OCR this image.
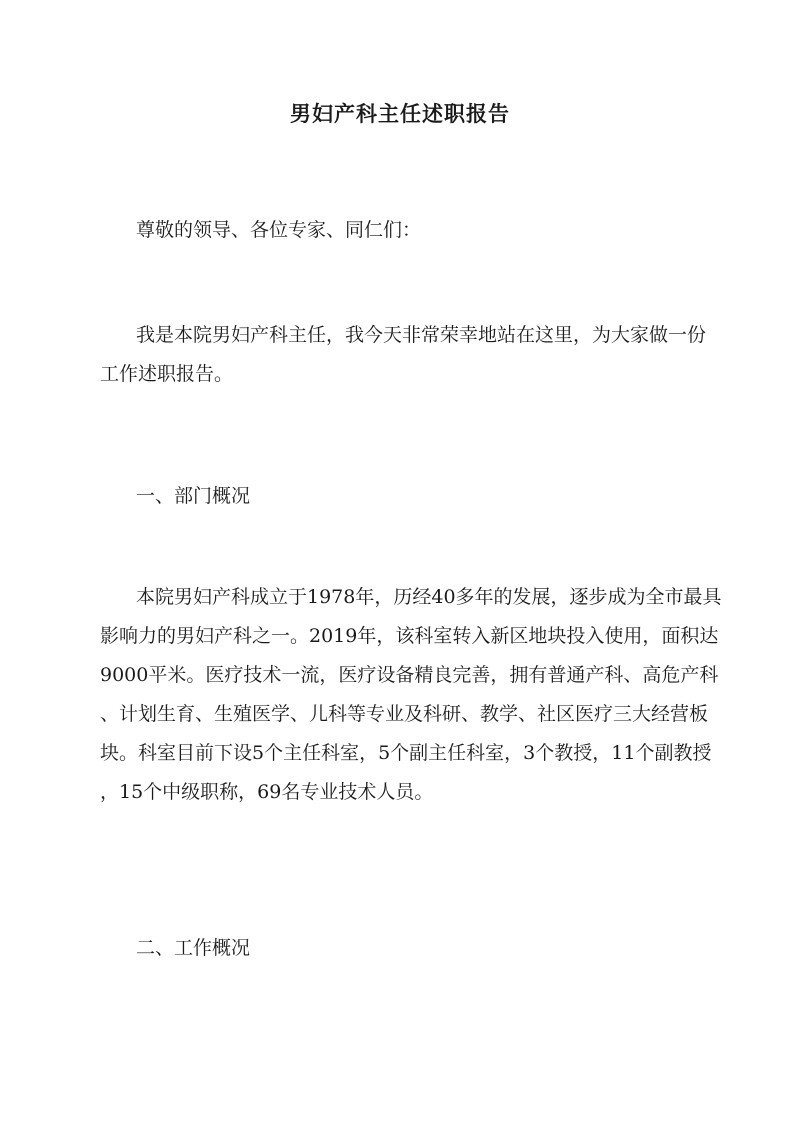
男妇产科主任述职报告
尊敬的领导、各位专家、同仁们：
我是本院男妇产科主任，我今天非常荣幸地站在这里，为大家做一份
工作述职报告。
一、部门概况
本院男妇产科成立于1978年，历经40多年的发展，逐步成为全市最具
影响力的男妇产科之一。2019年，该科室转入新区地块投入使用，面积达
9000平米。医疗技术一流，医疗设备精良完善，拥有普通产科、高危产科
、计划生育、生殖医学、儿科等专业及科研、教学、社区医疗三大经营板
块。科室目前下设5个主任科室，5个副主任科室，3个教授，11个副教授
，15个中级职称，69名专业技术人员。
二、工作概况
